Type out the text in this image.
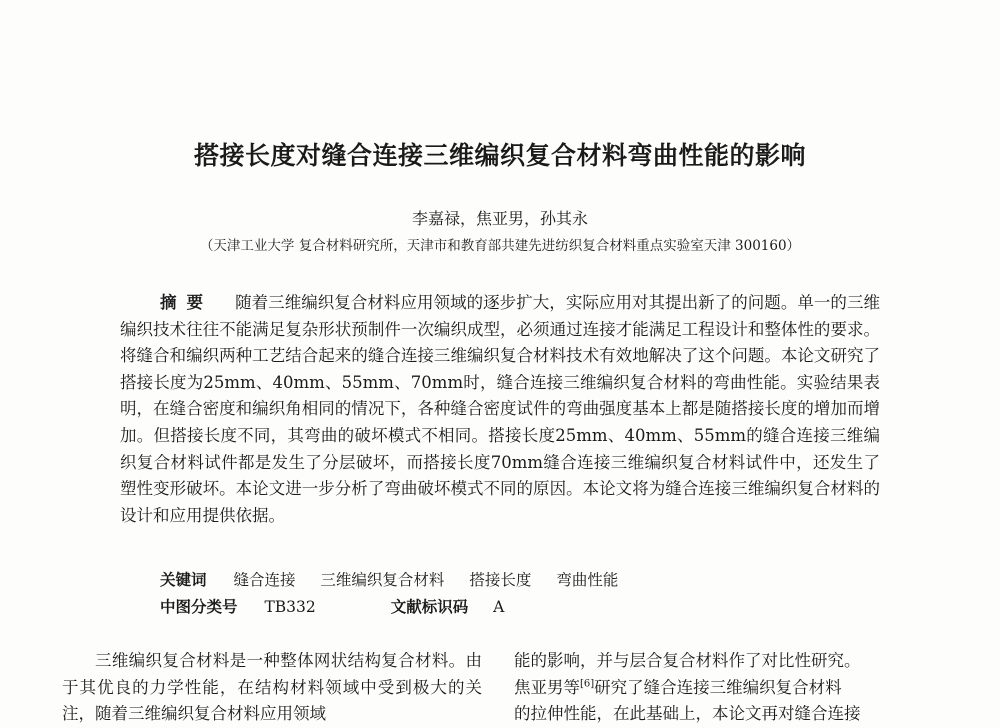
搭接长度对缝合连接三维编织复合材料弯曲性能的影响
李嘉禄，焦亚男，孙其永
（天津工业大学 复合材料研究所，天津市和教育部共建先进纺织复合材料重点实验室天津 300160）
摘要 随着三维编织复合材料应用领域的逐步扩大，实际应用对其提出新了的问题。单一的三维编织技术往往不能满足复杂形状预制件一次编织成型，必须通过连接才能满足工程设计和整体性的要求。将缝合和编织两种工艺结合起来的缝合连接三维编织复合材料技术有效地解决了这个问题。本论文研究了搭接长度为25mm、40mm、55mm、70mm时，缝合连接三维编织复合材料的弯曲性能。实验结果表明，在缝合密度和编织角相同的情况下，各种缝合密度试件的弯曲强度基本上都是随搭接长度的增加而增加。但搭接长度不同，其弯曲的破坏模式不相同。搭接长度25mm、40mm、55mm的缝合连接三维编织复合材料试件都是发生了分层破坏，而搭接长度70mm缝合连接三维编织复合材料试件中，还发生了塑性变形破坏。本论文进一步分析了弯曲破坏模式不同的原因。本论文将为缝合连接三维编织复合材料的设计和应用提供依据。
关键词 缝合连接 三维编织复合材料 搭接长度 弯曲性能
中图分类号 TB332	文献标识码 A
三维编织复合材料是一种整体网状结构复合材料。由于其优良的力学性能，在结构材料领域中受到极大的关注，随着三维编织复合材料应用领域
能的影响，并与层合复合材料作了对比性研究。
焦亚男等[6]研究了缝合连接三维编织复合材料
的拉伸性能，在此基础上，本论文再对缝合连接
